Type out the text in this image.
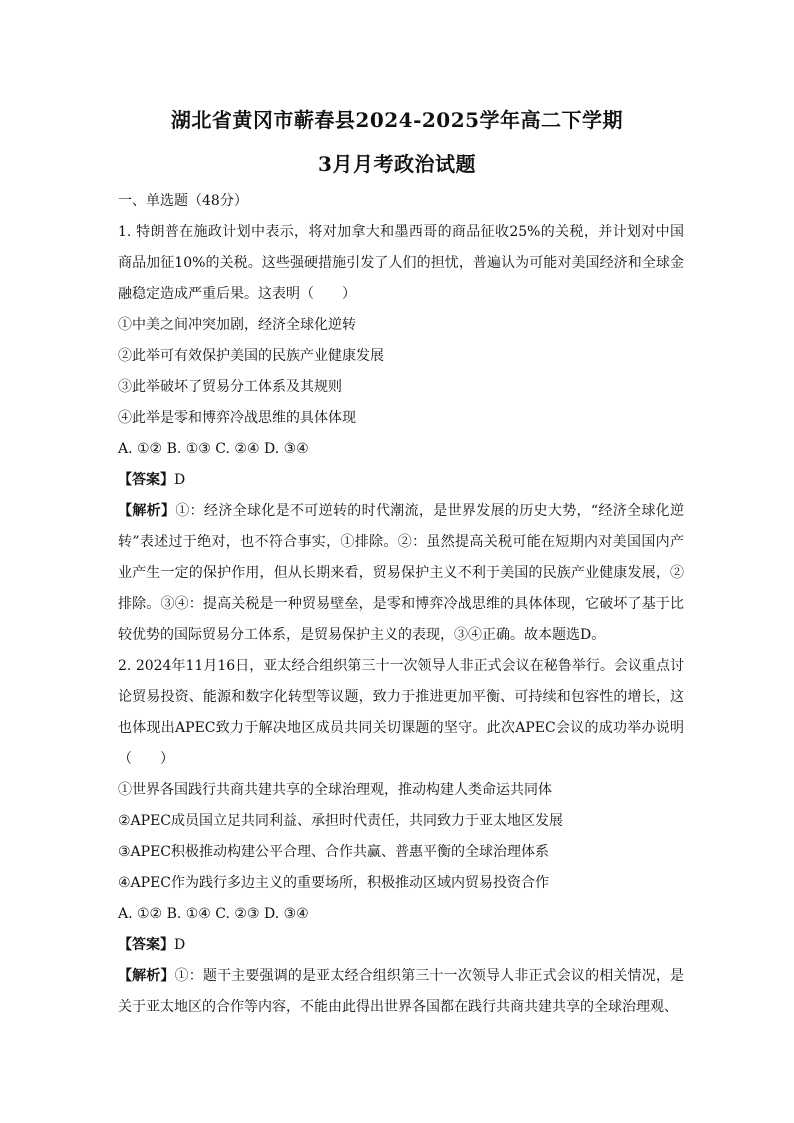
湖北省黄冈市蕲春县2024-2025学年高二下学期
3月月考政治试题
一、单选题（48分）
1. 特朗普在施政计划中表示，将对加拿大和墨西哥的商品征收25%的关税，并计划对中国商品加征10%的关税。这些强硬措施引发了人们的担忧，普遍认为可能对美国经济和全球金融稳定造成严重后果。这表明（　　）
①中美之间冲突加剧，经济全球化逆转
②此举可有效保护美国的民族产业健康发展
③此举破坏了贸易分工体系及其规则
④此举是零和博弈冷战思维的具体体现
A. ①② B. ①③ C. ②④ D. ③④
【答案】D
【解析】①：经济全球化是不可逆转的时代潮流，是世界发展的历史大势，“经济全球化逆转”表述过于绝对，也不符合事实，①排除。②：虽然提高关税可能在短期内对美国国内产业产生一定的保护作用，但从长期来看，贸易保护主义不利于美国的民族产业健康发展，②排除。③④：提高关税是一种贸易壁垒，是零和博弈冷战思维的具体体现，它破坏了基于比较优势的国际贸易分工体系，是贸易保护主义的表现，③④正确。故本题选D。
2. 2024年11月16日，亚太经合组织第三十一次领导人非正式会议在秘鲁举行。会议重点讨论贸易投资、能源和数字化转型等议题，致力于推进更加平衡、可持续和包容性的增长，这也体现出APEC致力于解决地区成员共同关切课题的坚守。此次APEC会议的成功举办说明（　　）
①世界各国践行共商共建共享的全球治理观，推动构建人类命运共同体
②APEC成员国立足共同利益、承担时代责任，共同致力于亚太地区发展
③APEC积极推动构建公平合理、合作共赢、普惠平衡的全球治理体系
④APEC作为践行多边主义的重要场所，积极推动区域内贸易投资合作
A. ①② B. ①④ C. ②③ D. ③④
【答案】D
【解析】①：题干主要强调的是亚太经合组织第三十一次领导人非正式会议的相关情况，是关于亚太地区的合作等内容，不能由此得出世界各国都在践行共商共建共享的全球治理观、
